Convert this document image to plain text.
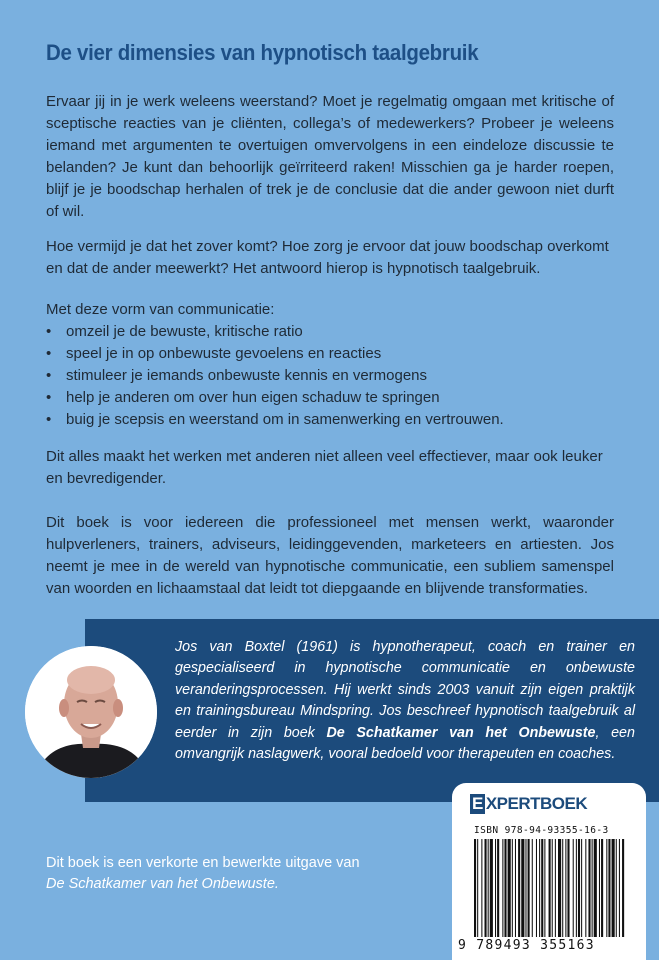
De vier dimensies van hypnotisch taalgebruik
Ervaar jij in je werk weleens weerstand? Moet je regelmatig omgaan met kritische of sceptische reacties van je cliënten, collega’s of medewerkers? Probeer je weleens iemand met argumenten te overtuigen omvervolgens in een eindeloze discussie te belanden? Je kunt dan behoorlijk geïrriteerd raken! Misschien ga je harder roepen, blijf je je boodschap herhalen of trek je de conclusie dat die ander gewoon niet durft of wil.
Hoe vermijd je dat het zover komt? Hoe zorg je ervoor dat jouw boodschap overkomt en dat de ander meewerkt? Het antwoord hierop is hypnotisch taalgebruik.
Met deze vorm van communicatie:
• omzeil je de bewuste, kritische ratio
• speel je in op onbewuste gevoelens en reacties
• stimuleer je iemands onbewuste kennis en vermogens
• help je anderen om over hun eigen schaduw te springen
• buig je scepsis en weerstand om in samenwerking en vertrouwen.
Dit alles maakt het werken met anderen niet alleen veel effectiever, maar ook leuker en bevredigender.
Dit boek is voor iedereen die professioneel met mensen werkt, waaronder hulpverleners, trainers, adviseurs, leidinggevenden, marketeers en artiesten. Jos neemt je mee in de wereld van hypnotische communicatie, een subliem samenspel van woorden en lichaamstaal dat leidt tot diepgaande en blijvende transformaties.
Jos van Boxtel (1961) is hypnotherapeut, coach en trainer en gespecialiseerd in hypnotische communicatie en onbewuste veranderingsprocessen. Hij werkt sinds 2003 vanuit zijn eigen praktijk en trainingsbureau Mindspring. Jos beschreef hypnotisch taalgebruik al eerder in zijn boek De Schatkamer van het Onbewuste, een omvangrijk naslagwerk, vooral bedoeld voor therapeuten en coaches.
Dit boek is een verkorte en bewerkte uitgave van
De Schatkamer van het Onbewuste.
E XPERTBOEK
ISBN 978-94-93355-16-3
9 789493 355163
